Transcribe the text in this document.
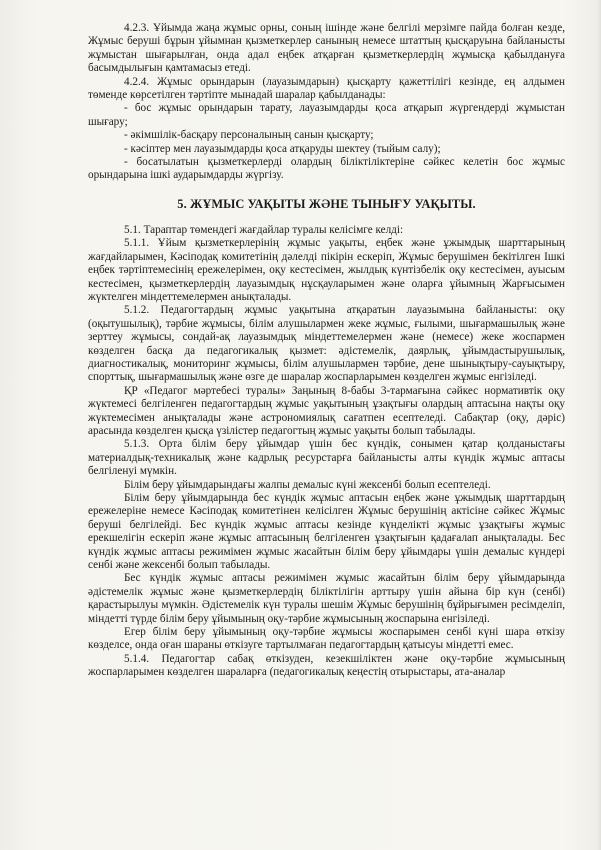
4.2.3. Ұйымда жаңа жұмыс орны, соның ішінде және белгілі мерзімге пайда болған кезде, Жұмыс беруші бұрын ұйымнан қызметкерлер санының немесе штаттың қысқаруына байланысты жұмыстан шығарылған, онда адал еңбек атқарған қызметкерлердің жұмысқа қабылдануға басымдылығын қамтамасыз етеді.

4.2.4. Жұмыс орындарын (лауазымдарын) қысқарту қажеттілігі кезінде, ең алдымен төменде көрсетілген тәртіпте мынадай шаралар қабылданады:

- бос жұмыс орындарын тарату, лауазымдарды қоса атқарып жүргендерді жұмыстан шығару;

- әкімшілік-басқару персоналының санын қысқарту;

- кәсіптер мен лауазымдарды қоса атқаруды шектеу (тыйым салу);

- босатылатын қызметкерлерді олардың біліктіліктеріне сәйкес келетін бос жұмыс орындарына ішкі аударымдарды жүргізу.

5. ЖҰМЫС УАҚЫТЫ ЖӘНЕ ТЫНЫҒУ УАҚЫТЫ.

5.1. Тараптар төмендегі жағдайлар туралы келісімге келді:

5.1.1. Ұйым қызметкерлерінің жұмыс уақыты, еңбек және ұжымдық шарттарының жағдайларымен, Кәсіподақ комитетінің дәлелді пікірін ескеріп, Жұмыс берушімен бекітілген Ішкі еңбек тәртіптемесінің ережелерімен, оқу кестесімен, жылдық күнтізбелік оқу кестесімен, ауысым кестесімен, қызметкерлердің лауазымдық нұсқауларымен және оларға ұйымның Жарғысымен жүктелген міндеттемелермен анықталады.

5.1.2. Педагогтардың жұмыс уақытына атқаратын лауазымына байланысты: оқу (оқытушылық), тәрбие жұмысы, білім алушылармен жеке жұмыс, ғылыми, шығармашылық және зерттеу жұмысы, сондай-ақ лауазымдық міндеттемелермен және (немесе) жеке жоспармен көзделген басқа да педагогикалық қызмет: әдістемелік, даярлық, ұйымдастырушылық, диагностикалық, мониторинг жұмысы, білім алушылармен тәрбие, дене шынықтыру-сауықтыру, спорттық, шығармашылық және өзге де шаралар жоспарларымен көзделген жұмыс енгізіледі.

ҚР «Педагог мәртебесі туралы» Заңының 8-бабы 3-тармағына сәйкес нормативтік оқу жүктемесі белгіленген педагогтардың жұмыс уақытының ұзақтығы олардың аптасына нақты оқу жүктемесімен анықталады және астрономиялық сағатпен есептеледі. Сабақтар (оқу, дәріс) арасында көзделген қысқа үзілістер педагогтың жұмыс уақыты болып табылады.

5.1.3. Орта білім беру ұйымдар үшін бес күндік, сонымен қатар қолданыстағы материалдық-техникалық және кадрлық ресурстарға байланысты алты күндік жұмыс аптасы белгіленуі мүмкін.

Білім беру ұйымдарындағы жалпы демалыс күні жексенбі болып есептеледі.

Білім беру ұйымдарында бес күндік жұмыс аптасын еңбек және ұжымдық шарттардың ережелеріне немесе Кәсіподақ комитетінен келісілген Жұмыс берушінің актісіне сәйкес Жұмыс беруші белгілейді. Бес күндік жұмыс аптасы кезінде күнделікті жұмыс ұзақтығы жұмыс ерекшелігін ескеріп және жұмыс аптасының белгіленген ұзақтығын қадағалап анықталады. Бес күндік жұмыс аптасы режимімен жұмыс жасайтын білім беру ұйымдары үшін демалыс күндері сенбі және жексенбі болып табылады.

Бес күндік жұмыс аптасы режимімен жұмыс жасайтын білім беру ұйымдарында әдістемелік жұмыс және қызметкерлердің біліктілігін арттыру үшін айына бір күн (сенбі) қарастырылуы мүмкін. Әдістемелік күн туралы шешім Жұмыс берушінің бұйрығымен ресімделіп, міндетті түрде білім беру ұйымының оқу-тәрбие жұмысының жоспарына енгізіледі.

Егер білім беру ұйымының оқу-тәрбие жұмысы жоспарымен сенбі күні шара өткізу көзделсе, онда оған шараны өткізуге тартылмаған педагогтардың қатысуы міндетті емес.

5.1.4. Педагогтар сабақ өткізуден, кезекшіліктен және оқу-тәрбие жұмысының жоспарларымен көзделген шараларға (педагогикалық кеңестің отырыстары, ата-аналар
